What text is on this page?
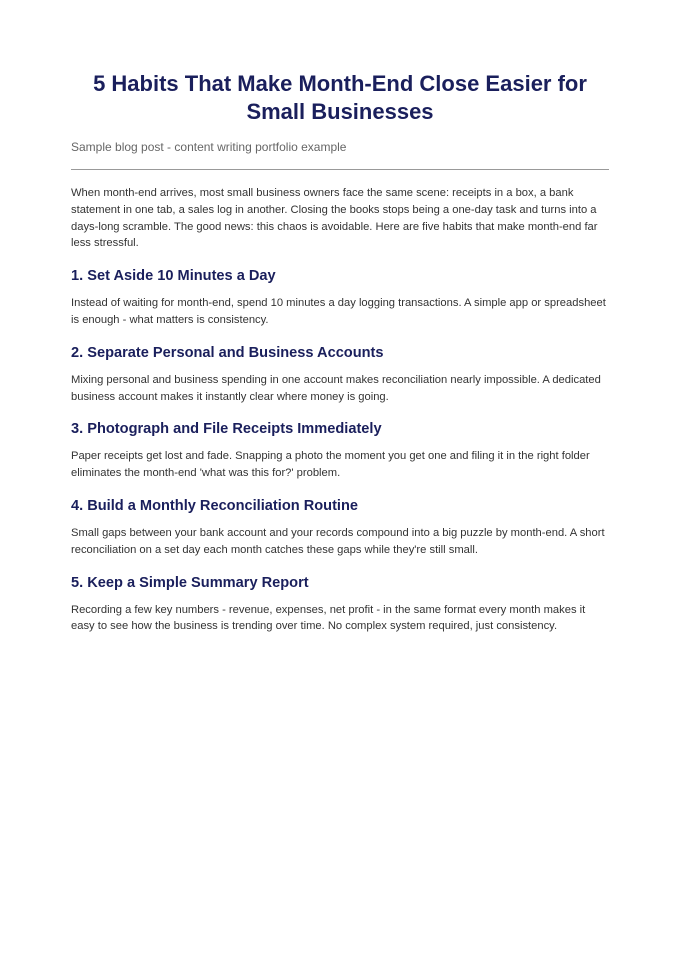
5 Habits That Make Month-End Close Easier for Small Businesses

Sample blog post - content writing portfolio example

When month-end arrives, most small business owners face the same scene: receipts in a box, a bank statement in one tab, a sales log in another. Closing the books stops being a one-day task and turns into a days-long scramble. The good news: this chaos is avoidable. Here are five habits that make month-end far less stressful.

1. Set Aside 10 Minutes a Day

Instead of waiting for month-end, spend 10 minutes a day logging transactions. A simple app or spreadsheet is enough - what matters is consistency.

2. Separate Personal and Business Accounts

Mixing personal and business spending in one account makes reconciliation nearly impossible. A dedicated business account makes it instantly clear where money is going.

3. Photograph and File Receipts Immediately

Paper receipts get lost and fade. Snapping a photo the moment you get one and filing it in the right folder eliminates the month-end 'what was this for?' problem.

4. Build a Monthly Reconciliation Routine

Small gaps between your bank account and your records compound into a big puzzle by month-end. A short reconciliation on a set day each month catches these gaps while they're still small.

5. Keep a Simple Summary Report

Recording a few key numbers - revenue, expenses, net profit - in the same format every month makes it easy to see how the business is trending over time. No complex system required, just consistency.
